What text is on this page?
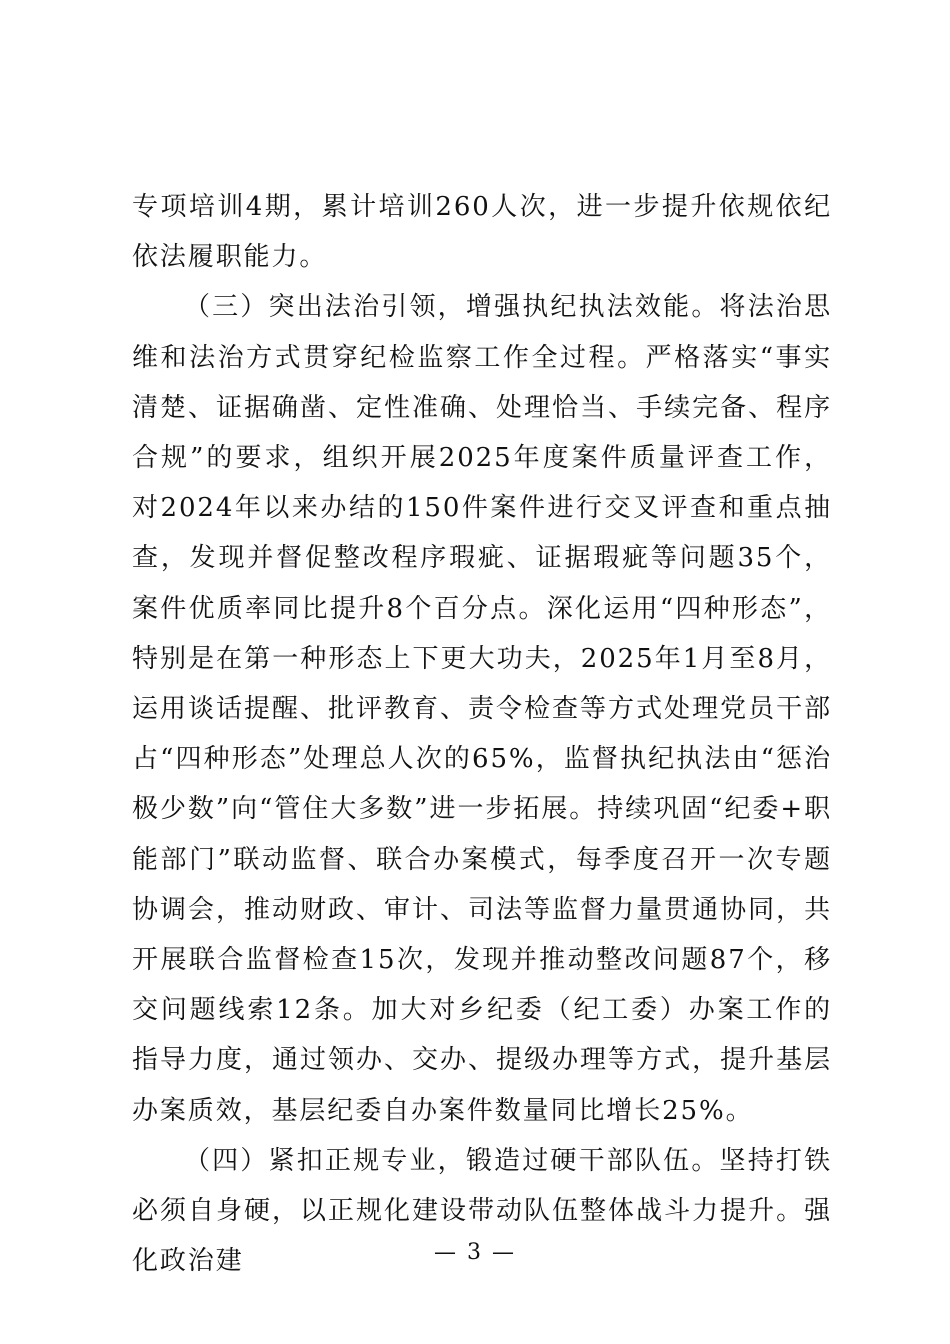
专项培训4期，累计培训260人次，进一步提升依规依纪依法履职能力。

（三）突出法治引领，增强执纪执法效能。将法治思维和法治方式贯穿纪检监察工作全过程。严格落实“事实清楚、证据确凿、定性准确、处理恰当、手续完备、程序合规”的要求，组织开展2025年度案件质量评查工作，对2024年以来办结的150件案件进行交叉评查和重点抽查，发现并督促整改程序瑕疵、证据瑕疵等问题35个，案件优质率同比提升8个百分点。深化运用“四种形态”，特别是在第一种形态上下更大功夫，2025年1月至8月，运用谈话提醒、批评教育、责令检查等方式处理党员干部占“四种形态”处理总人次的65%，监督执纪执法由“惩治极少数”向“管住大多数”进一步拓展。持续巩固“纪委+职能部门”联动监督、联合办案模式，每季度召开一次专题协调会，推动财政、审计、司法等监督力量贯通协同，共开展联合监督检查15次，发现并推动整改问题87个，移交问题线索12条。加大对乡纪委（纪工委）办案工作的指导力度，通过领办、交办、提级办理等方式，提升基层办案质效，基层纪委自办案件数量同比增长25%。

（四）紧扣正规专业，锻造过硬干部队伍。坚持打铁必须自身硬，以正规化建设带动队伍整体战斗力提升。强化政治建	— 3 —
